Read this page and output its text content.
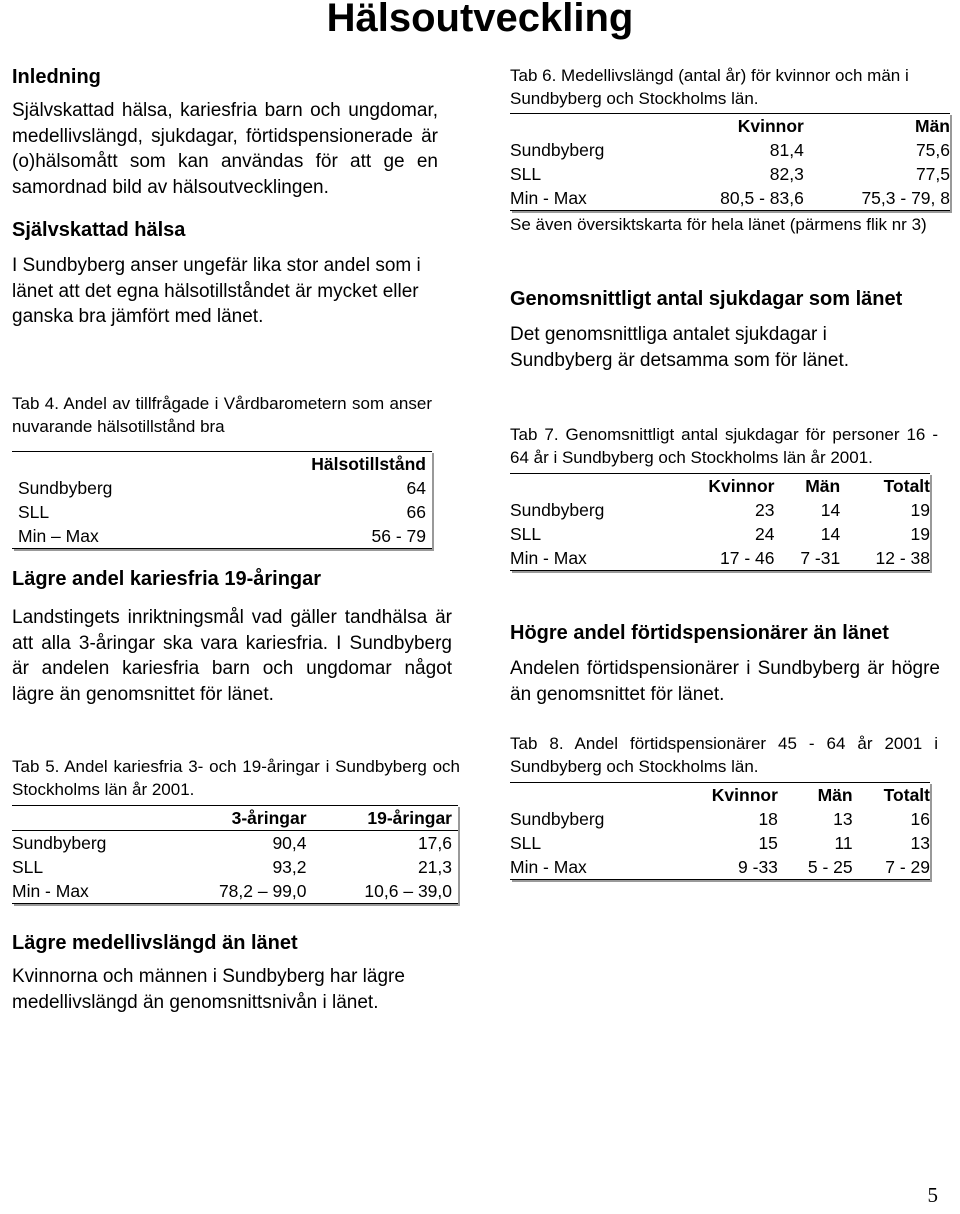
Hälsoutveckling

Inledning

Självskattad hälsa, kariesfria barn och ungdomar, medellivslängd, sjukdagar, förtidspensionerade är (o)hälsomått som kan användas för att ge en samordnad bild av hälsoutvecklingen.

Självskattad hälsa

I Sundbyberg anser ungefär lika stor andel som i länet att det egna hälsotillståndet är mycket eller ganska bra jämfört med länet.

Tab 4. Andel av tillfrågade i Vårdbarometern som anser nuvarande hälsotillstånd bra

	Hälsotillstånd
Sundbyberg	64
SLL	66
Min – Max	56 - 79

Lägre andel kariesfria 19-åringar

Landstingets inriktningsmål vad gäller tandhälsa är att alla 3-åringar ska vara kariesfria. I Sundbyberg är andelen kariesfria barn och ungdomar något lägre än genomsnittet för länet.

Tab 5. Andel kariesfria 3- och 19-åringar i Sundbyberg och Stockholms län år 2001.

	3-åringar	19-åringar
Sundbyberg	90,4	17,6
SLL	93,2	21,3
Min - Max	78,2 – 99,0	10,6 – 39,0

Lägre medellivslängd än länet

Kvinnorna och männen i Sundbyberg har lägre medellivslängd än genomsnittsnivån i länet.

Tab 6. Medellivslängd (antal år) för kvinnor och män i Sundbyberg och Stockholms län.

	Kvinnor	Män
Sundbyberg	81,4	75,6
SLL	82,3	77,5
Min - Max	80,5 - 83,6	75,3 - 79, 8

Se även översiktskarta för hela länet (pärmens flik nr 3)

Genomsnittligt antal sjukdagar som länet

Det genomsnittliga antalet sjukdagar i Sundbyberg är detsamma som för länet.

Tab 7. Genomsnittligt antal sjukdagar för personer 16 - 64 år i Sundbyberg och Stockholms län år 2001.

	Kvinnor	Män	Totalt
Sundbyberg	23	14	19
SLL	24	14	19
Min - Max	17 - 46	7 -31	12 - 38

Högre andel förtidspensionärer än länet

Andelen förtidspensionärer i Sundbyberg är högre än genomsnittet för länet.

Tab 8. Andel förtidspensionärer 45 - 64 år 2001 i Sundbyberg och Stockholms län.

	Kvinnor	Män	Totalt
Sundbyberg	18	13	16
SLL	15	11	13
Min - Max	9 -33	5 - 25	7 - 29
5
